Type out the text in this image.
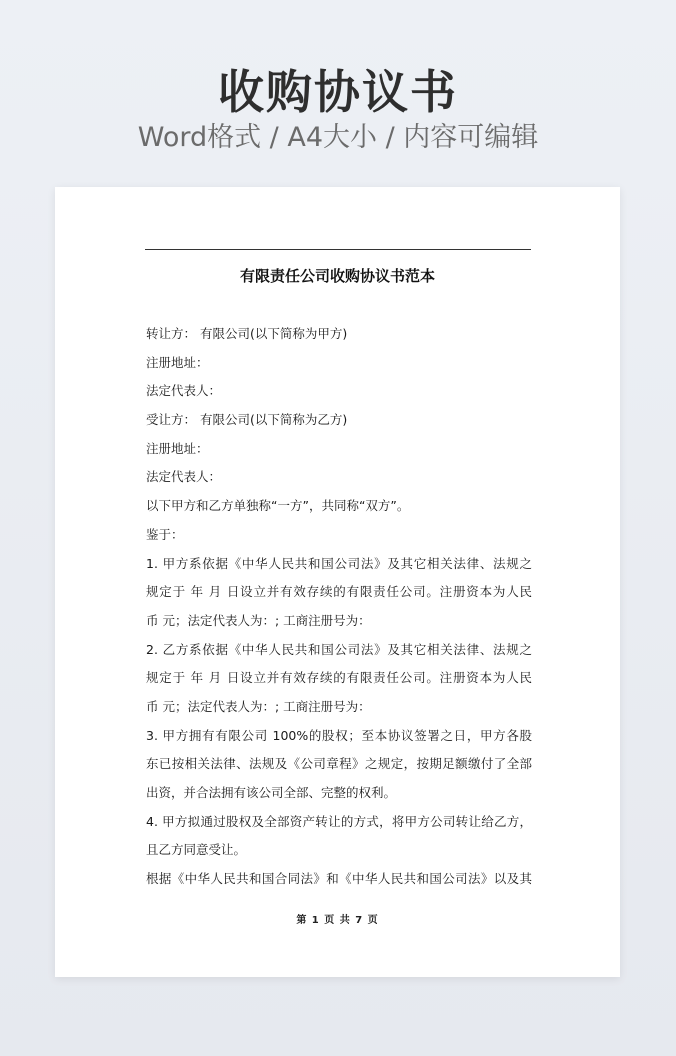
收购协议书
Word格式 / A4大小 / 内容可编辑
有限责任公司收购协议书范本
转让方： 有限公司(以下简称为甲方)
注册地址：
法定代表人：
受让方： 有限公司(以下简称为乙方)
注册地址：
法定代表人：
以下甲方和乙方单独称“一方”，共同称“双方”。
鉴于：
1. 甲方系依据《中华人民共和国公司法》及其它相关法律、法规之
规定于 年 月 日设立并有效存续的有限责任公司。注册资本为人民
币 元；法定代表人为：; 工商注册号为：
2. 乙方系依据《中华人民共和国公司法》及其它相关法律、法规之
规定于 年 月 日设立并有效存续的有限责任公司。注册资本为人民
币 元；法定代表人为：; 工商注册号为：
3. 甲方拥有有限公司 100%的股权；至本协议签署之日，甲方各股
东已按相关法律、法规及《公司章程》之规定，按期足额缴付了全部
出资，并合法拥有该公司全部、完整的权利。
4. 甲方拟通过股权及全部资产转让的方式，将甲方公司转让给乙方，
且乙方同意受让。
根据《中华人民共和国合同法》和《中华人民共和国公司法》以及其
第 1 页 共 7 页
